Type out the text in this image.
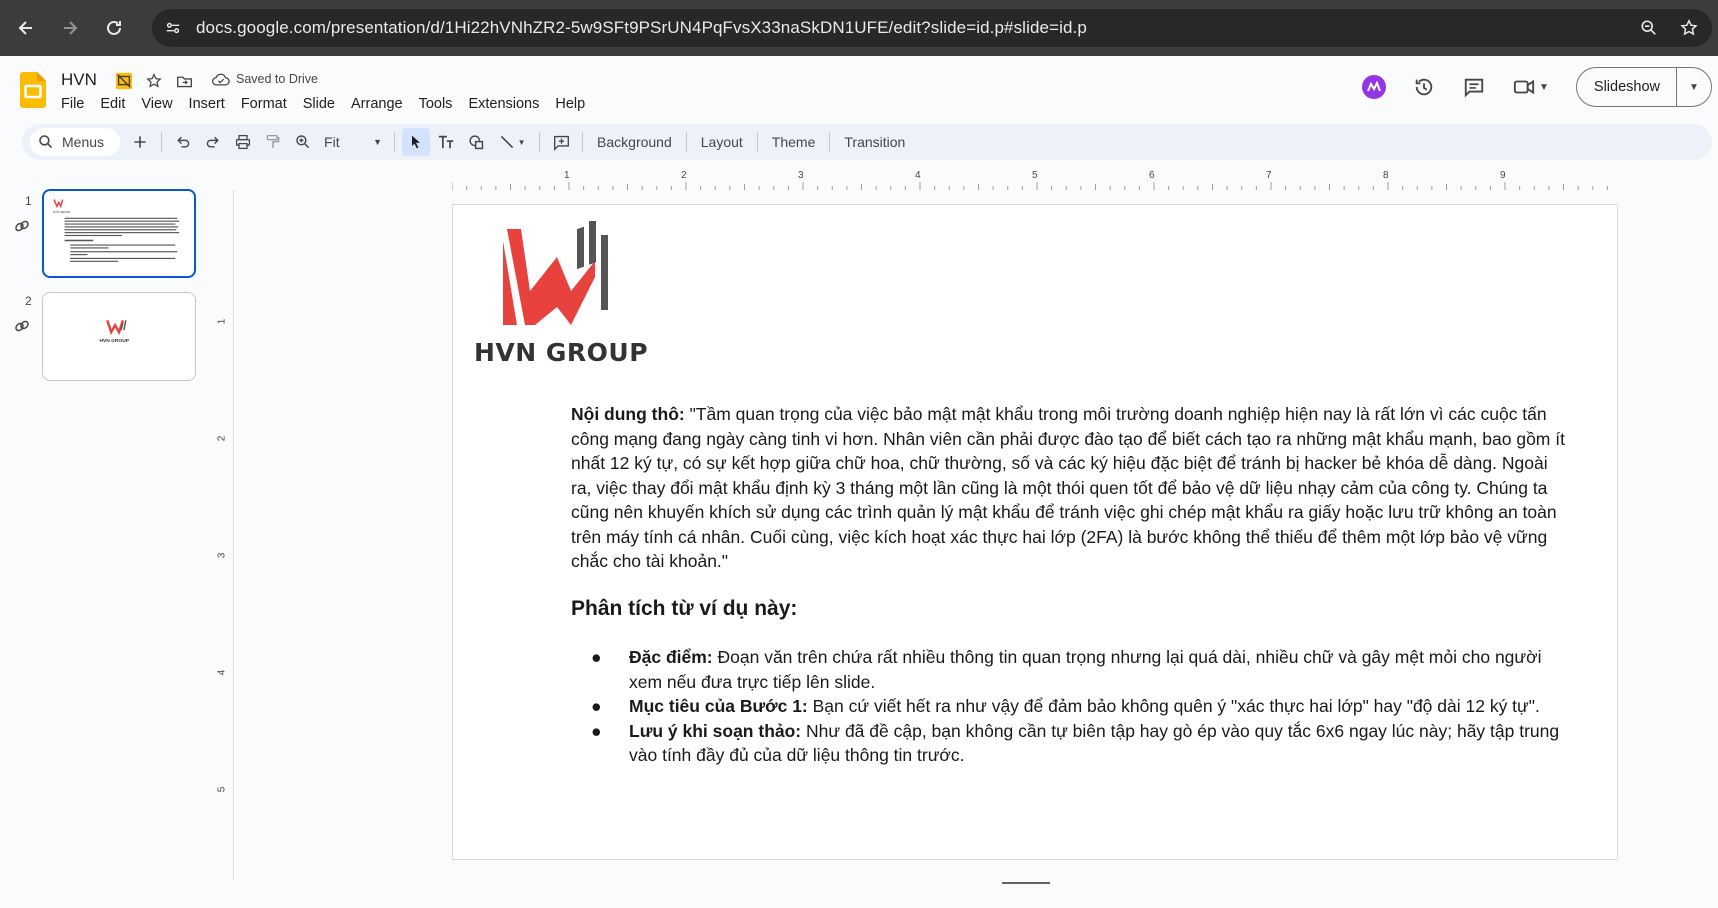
docs.google.com/presentation/d/1Hi22hVNhZR2-5w9SFt9PSrUN4PqFvsX33naSkDN1UFE/edit?slide=id.p#slide=id.p
HVN	Saved to Drive
File	Edit	View	Insert	Format	Slide	Arrange	Tools	Extensions	Help
▼	Slideshow	▼
Menus	Fit	▼	▼	Background	Layout	Theme	Transition
1
HVN GROUP
2
HVN GROUP
1	2	3	4	5	6	7	8	9
1
2
3
4
5
HVN GROUP
Nội dung thô: "Tầm quan trọng của việc bảo mật mật khẩu trong môi trường doanh nghiệp hiện nay là rất lớn vì các cuộc tấn công mạng đang ngày càng tinh vi hơn. Nhân viên cần phải được đào tạo để biết cách tạo ra những mật khẩu mạnh, bao gồm ít nhất 12 ký tự, có sự kết hợp giữa chữ hoa, chữ thường, số và các ký hiệu đặc biệt để tránh bị hacker bẻ khóa dễ dàng. Ngoài ra, việc thay đổi mật khẩu định kỳ 3 tháng một lần cũng là một thói quen tốt để bảo vệ dữ liệu nhạy cảm của công ty. Chúng ta cũng nên khuyến khích sử dụng các trình quản lý mật khẩu để tránh việc ghi chép mật khẩu ra giấy hoặc lưu trữ không an toàn trên máy tính cá nhân. Cuối cùng, việc kích hoạt xác thực hai lớp (2FA) là bước không thể thiếu để thêm một lớp bảo vệ vững chắc cho tài khoản."
Phân tích từ ví dụ này:
● Đặc điểm: Đoạn văn trên chứa rất nhiều thông tin quan trọng nhưng lại quá dài, nhiều chữ và gây mệt mỏi cho người xem nếu đưa trực tiếp lên slide.
● Mục tiêu của Bước 1: Bạn cứ viết hết ra như vậy để đảm bảo không quên ý "xác thực hai lớp" hay "độ dài 12 ký tự".
● Lưu ý khi soạn thảo: Như đã đề cập, bạn không cần tự biên tập hay gò ép vào quy tắc 6x6 ngay lúc này; hãy tập trung vào tính đầy đủ của dữ liệu thông tin trước.
